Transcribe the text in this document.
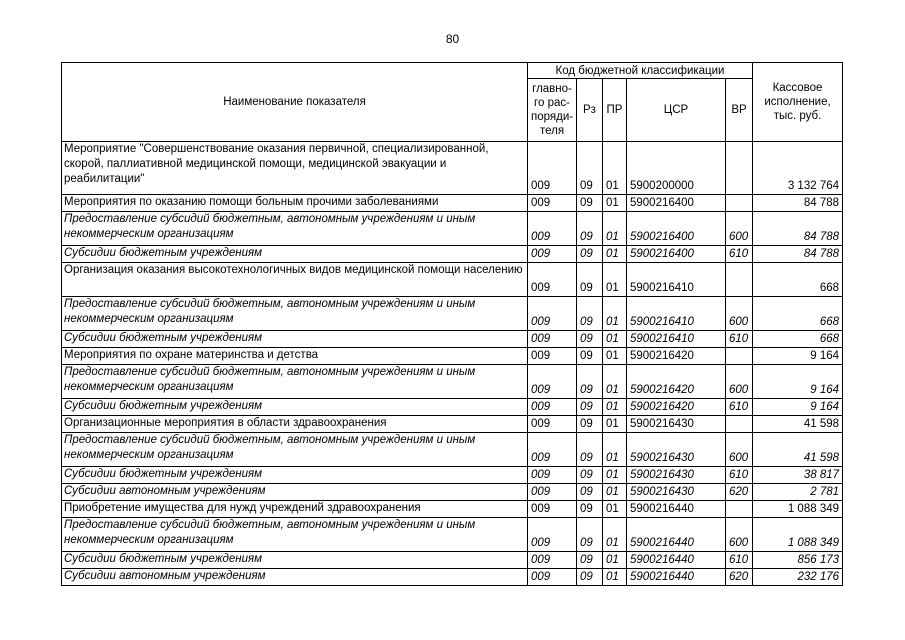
80
Наименование показателя	Код бюджетной классификации					Кассовое исполнение, тыс. руб.
	главно-го рас-поряди-теля	Рз	ПР	ЦСР	ВР	
Мероприятие "Совершенствование оказания первичной, специализированной, скорой, паллиативной медицинской помощи, медицинской эвакуации и реабилитации"	009	09	01	5900200000		3 132 764
Мероприятия по оказанию помощи больным прочими заболеваниями	009	09	01	5900216400		84 788
Предоставление субсидий бюджетным, автономным учреждениям и иным некоммерческим организациям	009	09	01	5900216400	600	84 788
Субсидии бюджетным учреждениям	009	09	01	5900216400	610	84 788
Организация оказания высокотехнологичных видов медицинской помощи населению	009	09	01	5900216410		668
Предоставление субсидий бюджетным, автономным учреждениям и иным некоммерческим организациям	009	09	01	5900216410	600	668
Субсидии бюджетным учреждениям	009	09	01	5900216410	610	668
Мероприятия по охране материнства и детства	009	09	01	5900216420		9 164
Предоставление субсидий бюджетным, автономным учреждениям и иным некоммерческим организациям	009	09	01	5900216420	600	9 164
Субсидии бюджетным учреждениям	009	09	01	5900216420	610	9 164
Организационные мероприятия в области здравоохранения	009	09	01	5900216430		41 598
Предоставление субсидий бюджетным, автономным учреждениям и иным некоммерческим организациям	009	09	01	5900216430	600	41 598
Субсидии бюджетным учреждениям	009	09	01	5900216430	610	38 817
Субсидии автономным учреждениям	009	09	01	5900216430	620	2 781
Приобретение имущества для нужд учреждений здравоохранения	009	09	01	5900216440		1 088 349
Предоставление субсидий бюджетным, автономным учреждениям и иным некоммерческим организациям	009	09	01	5900216440	600	1 088 349
Субсидии бюджетным учреждениям	009	09	01	5900216440	610	856 173
Субсидии автономным учреждениям	009	09	01	5900216440	620	232 176
